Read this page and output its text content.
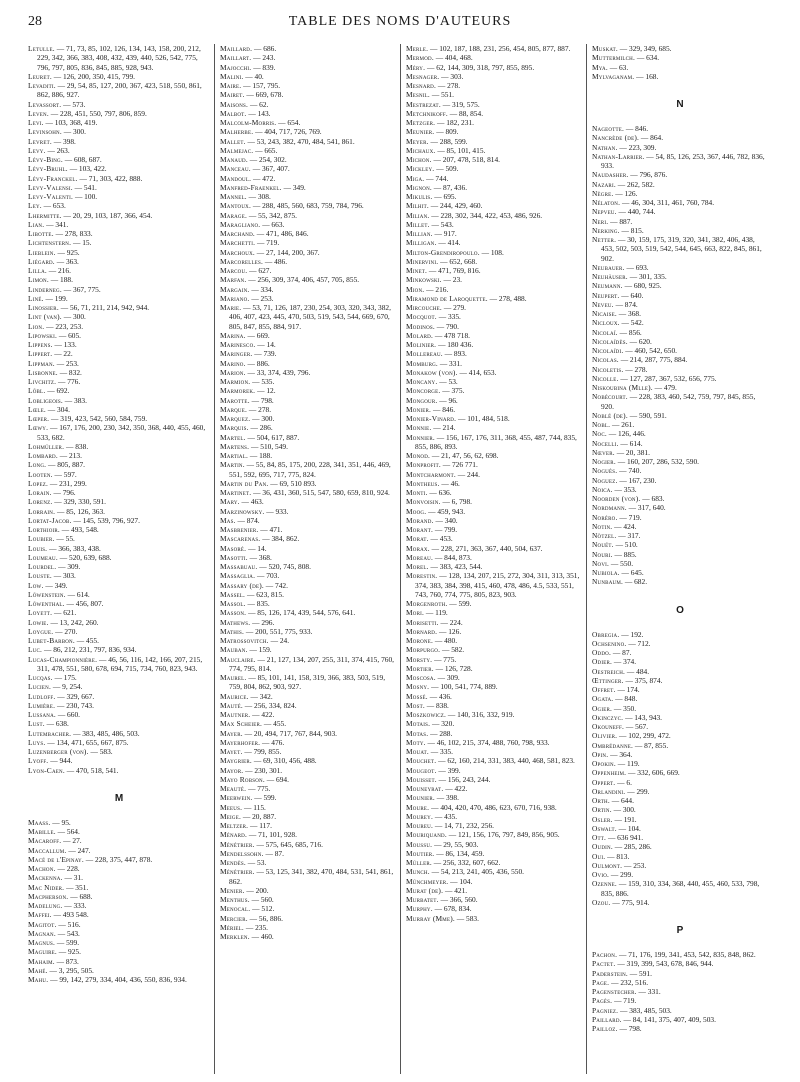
28	TABLE DES NOMS D'AUTEURS
Letulle. — 71, 73, 85, 102, 126, 134, 143, 158, 200, 212, 229, 342, 366, 383, 408, 432, 439, 440, 526, 542, 775, 796, 797, 805, 836, 845, 885, 928, 943.
Leuret. — 126, 200, 350, 415, 799.
Levaditi. — 29, 54, 85, 127, 200, 367, 423, 518, 550, 861, 862, 886, 927.
Levassort. — 573.
Leven. — 228, 451, 550, 797, 806, 859.
Levi. — 103, 368, 419.
Levinsohn. — 300.
Levret. — 398.
Levy. — 263.
Lévy-Bing. — 608, 687.
Lévy-Bruhl. — 103, 422.
Lévy-Franckel. — 71, 303, 422, 888.
Levy-Valensi. — 541.
Levy-Valenti. — 100.
Ley. — 653.
Lhermitte. — 20, 29, 103, 187, 366, 454.
Lian. — 341.
Libotte. — 278, 833.
Lichtenstern. — 15.
Lieblein. — 925.
Liégard. — 363.
Lilla. — 216.
Limon. — 188.
Linderneg. — 367, 775.
Liné. — 199.
Linossier. — 56, 71, 211, 214, 942, 944.
Lint (van). — 300.
Lion. — 223, 253.
Lipowski. — 605.
Lippens. — 133.
Lippert. — 22.
Lippman. — 253.
Lisbonne. — 832.
Livchitz. — 776.
Löbl. — 692.
Lobligeois. — 383.
Lœle. — 304.
Lœper. — 319, 423, 542, 560, 584, 759.
Lœwy. — 167, 176, 200, 230, 342, 350, 368, 440, 455, 460, 533, 682.
Lohmüller. — 838.
Lombard. — 213.
Long. — 805, 887.
Looten. — 597.
Lopez. — 231, 299.
Lorain. — 796.
Lorenz. — 329, 330, 591.
Lorrain. — 85, 126, 363.
Lortat-Jacob. — 145, 539, 796, 927.
Lorthioir. — 493, 548.
Loubier. — 55.
Louis. — 366, 383, 438.
Loumeau. — 520, 639, 688.
Lourdel. — 309.
Louste. — 303.
Low. — 349.
Löwenstein. — 614.
Löwenthal. — 456, 807.
Loyett. — 621.
Lowie. — 13, 242, 260.
Loygue. — 270.
Lubet-Barbon. — 455.
Luc. — 86, 212, 231, 797, 836, 934.
Lucas-Championnière. — 46, 56, 116, 142, 166, 207, 215, 311, 478, 551, 580, 678, 694, 715, 734, 760, 823, 943.
Lucqas. — 175.
Lucien. — 9, 254.
Ludloff. — 329, 667.
Lumière. — 230, 743.
Lussana. — 660.
Lust. — 638.
Lutembacher. — 383, 485, 486, 503.
Luys. — 134, 471, 655, 667, 875.
Luzenberger (von). — 583.
Lyoff. — 944.
Lyon-Caen. — 470, 518, 541.
M
Maass. — 95.
Mabille. — 564.
Macaroff. — 27.
Maccallum. — 247.
Macé de l'Epinay. — 228, 375, 447, 878.
Machon. — 228.
Mackenna. — 31.
Mac Nider. — 351.
Macpherson. — 688.
Madelung. — 333.
Maffei. — 493 548.
Magitot. — 516.
Magnan. — 543.
Magnus. — 599.
Maguire. — 925.
Mahaim. — 873.
Mahé. — 3, 295, 505.
Mahu. — 99, 142, 279, 334, 404, 436, 550, 836, 934.
Maillard. — 686.
Maillart. — 243.
Majocchi. — 839.
Malini. — 40.
Maire. — 157, 795.
Mairet. — 669, 678.
Maisons. — 62.
Malbot. — 143.
Malcolm-Morris. — 654.
Malherbe. — 404, 717, 726, 769.
Mallet. — 53, 243, 382, 470, 484, 541, 861.
Malmejac. — 665.
Manaud. — 254, 302.
Manceau. — 367, 407.
Mandoul. — 472.
Manfred-Fraenkel. — 349.
Mannel. — 308.
Mantoux. — 288, 485, 560, 683, 759, 784, 796.
Marage. — 55, 342, 875.
Maragliano. — 663.
Marchand. — 471, 486, 846.
Marchetti. — 719.
Marchoux. — 27, 144, 200, 367.
Marcorelles. — 486.
Marcou. — 627.
Marfan. — 256, 309, 374, 406, 457, 705, 855.
Margain. — 334.
Mariano. — 253.
Marie. — 53, 71, 126, 187, 230, 254, 303, 320, 343, 382, 406, 407, 423, 445, 470, 503, 519, 543, 544, 669, 670, 805, 847, 855, 884, 917.
Marina. — 669.
Marinesco. — 14.
Maringer. — 739.
Marino. — 886.
Marion. — 33, 374, 439, 796.
Marmion. — 535.
Marmorek. — 12.
Marotte. — 798.
Marque. — 278.
Marquez. — 300.
Marquis. — 286.
Martel. — 504, 617, 887.
Martens. — 510, 549.
Martial. — 188.
Martin. — 55, 84, 85, 175, 200, 228, 341, 351, 446, 469, 551, 592, 695, 717, 775, 824.
Martin du Pan. — 69, 510 893.
Martinet. — 36, 431, 360, 515, 547, 580, 659, 810, 924.
Mary. — 463.
Marzinowsky. — 933.
Mas. — 874.
Masbrenier. — 471.
Mascarenas. — 384, 862.
Masoré. — 14.
Masotti. — 368.
Massabuau. — 520, 745, 808.
Massaglia. — 703.
Massary (de). — 742.
Massel. — 623, 815.
Massol. — 835.
Masson. — 85, 126, 174, 439, 544, 576, 641.
Mathews. — 296.
Mathis. — 200, 551, 775, 933.
Matrossovitch. — 24.
Mauban. — 159.
Mauclaire. — 21, 127, 134, 207, 255, 311, 374, 415, 760, 774, 795, 814.
Maurel. — 85, 101, 141, 158, 319, 366, 383, 503, 519, 759, 804, 862, 903, 927.
Maurice. — 342.
Mauté. — 256, 334, 824.
Mautner. — 422.
Max Scheier. — 455.
Mayer. — 20, 494, 717, 767, 844, 903.
Mayerhofer. — 476.
Mayet. — 799, 855.
Maygrier. — 69, 310, 456, 488.
Mayor. — 230, 301.
Mayo Robson. — 694.
Meauté. — 775.
Meerwein. — 599.
Meeus. — 115.
Meige. — 20, 887.
Meltzer. — 117.
Ménard. — 71, 101, 928.
Ménétrier. — 575, 645, 685, 716.
Mendelssohn. — 87.
Mendès. — 53.
Ménétrier. — 53, 125, 341, 382, 470, 484, 531, 541, 861, 862.
Menier. — 200.
Menthus. — 560.
Menocal. — 512.
Mercier. — 56, 886.
Mériel. — 235.
Merklen. — 460.
Merle. — 102, 187, 188, 231, 256, 454, 805, 877, 887.
Mermod. — 404, 468.
Méry. — 62, 144, 309, 318, 797, 855, 895.
Mesnager. — 303.
Mesnard. — 278.
Mesnil. — 551.
Mestrezat. — 319, 575.
Metchnikoff. — 88, 854.
Metzger. — 182, 231.
Meunier. — 809.
Meyer. — 288, 599.
Michaux. — 85, 101, 415.
Michon. — 207, 478, 518, 814.
Mickley. — 509.
Miga. — 744.
Mignon. — 87, 436.
Mikulis. — 695.
Milhit. — 244, 429, 460.
Milian. — 228, 302, 344, 422, 453, 486, 926.
Millet. — 543.
Millian. — 917.
Milligan. — 414.
Milton-Grendiropoulo. — 108.
Minervini. — 652, 668.
Minet. — 471, 769, 816.
Minkowski. — 23.
Mion. — 216.
Miramond de Laroquette. — 278, 488.
Mircouche. — 279.
Mocquot. — 335.
Modinos. — 790.
Molard. — 478 718.
Molinier. — 180 436.
Mollereau. — 893.
Momburg. — 331.
Monakow (von). — 414, 653.
Moncany. — 53.
Moncorge. — 375.
Mongour. — 96.
Monier. — 846.
Monier-Vinard. — 101, 484, 518.
Monnie. — 214.
Monnier. — 156, 167, 176, 311, 368, 455, 487, 744, 835, 855, 886, 893.
Monod. — 21, 47, 56, 62, 698.
Monprofit. — 726 771.
Montcharmont. — 244.
Montheus. — 46.
Monti. — 636.
Monvoisin. — 6, 798.
Moog. — 459, 943.
Morand. — 340.
Morant. — 799.
Morat. — 453.
Morax. — 228, 271, 363, 367, 440, 504, 637.
Moreau. — 844, 873.
Morel. — 383, 423, 544.
Morestin. — 128, 134, 207, 215, 272, 304, 311, 313, 351, 374, 383, 384, 398, 415, 460, 478, 486, 4.5, 533, 551, 743, 760, 774, 775, 805, 823, 903.
Morgenroth. — 599.
Mori. — 119.
Morisetti. — 224.
Mornard. — 126.
Morone. — 480.
Morpurgo. — 582.
Morsty. — 775.
Mortier. — 126, 728.
Moscosa. — 309.
Mosny. — 100, 541, 774, 889.
Mossé. — 436.
Most. — 838.
Moszkowicz. — 140, 316, 332, 919.
Motais. — 320.
Motas. — 288.
Moty. — 46, 102, 215, 374, 488, 760, 798, 933.
Mouat. — 335.
Mouchet. — 62, 160, 214, 331, 383, 440, 468, 581, 823.
Mougeot. — 399.
Mouisset. — 156, 243, 244.
Mouneyrat. — 422.
Mounier. — 398.
Moure. — 404, 420, 470, 486, 623, 670, 716, 938.
Mourey. — 435.
Moureu. — 14, 71, 232, 256.
Mouriquand. — 121, 156, 176, 797, 849, 856, 905.
Moussu. — 29, 55, 903.
Moutier. — 86, 134, 459.
Müller. — 256, 332, 607, 662.
Munch. — 54, 213, 241, 405, 436, 550.
Münchmeyer. — 104.
Murat (de). — 421.
Murbatet. — 366, 560.
Murphy. — 678, 834.
Murray (Mme). — 583.
Muskat. — 329, 349, 685.
Muttermilch. — 634.
Mya. — 63.
Mylvaganam. — 168.
N
Nageotte. — 846.
Nancrède (de). — 864.
Nathan. — 223, 309.
Nathan-Larrier. — 54, 85, 126, 253, 367, 446, 782, 836, 933.
Naudasher. — 796, 876.
Nazari. — 262, 582.
Nègre. — 126.
Nélaton. — 46, 304, 311, 461, 760, 784.
Nepveu. — 440, 744.
Neri. — 887.
Nerking. — 815.
Netter. — 30, 159, 175, 319, 320, 341, 382, 406, 438, 453, 502, 503, 519, 542, 544, 645, 663, 822, 845, 861, 902.
Neubauer. — 693.
Neuhäuser. — 301, 335.
Neumann. — 680, 925.
Neupert. — 640.
Neveu. — 874.
Nicaise. — 368.
Nicloux. — 542.
Nicolaï. — 856.
Nicolaïdès. — 620.
Nicolaïdi. — 460, 542, 650.
Nicolas. — 214, 287, 775, 884.
Nicoletis. — 278.
Nicolle. — 127, 287, 367, 532, 656, 775.
Niskoubina (Mlle). — 479.
Nobécourt. — 228, 383, 460, 542, 759, 797, 845, 855, 920.
Noblé (de). — 590, 591.
Nobl. — 261.
Noc. — 126, 446.
Nocelli. — 614.
Nœver. — 20, 381.
Nogier. — 160, 207, 286, 532, 590.
Noguès. — 740.
Noguez. — 167, 230.
Noica. — 353.
Noorden (von). — 683.
Nordmann. — 317, 640.
Noréro. — 719.
Notin. — 424.
Nötzel. — 317.
Nouët. — 510.
Nouri. — 885.
Novi. — 550.
Nubiola. — 645.
Nunbaum. — 682.
O
Obregia. — 192.
Ochsenino. — 712.
Oddo. — 87.
Odier. — 374.
Oestreich. — 484.
Œttinger. — 375, 874.
Offret. — 174.
Ogata. — 848.
Ogier. — 350.
Okinczyc. — 143, 943.
Okouneff. — 567.
Olivier. — 102, 299, 472.
Ombrédanne. — 87, 855.
Opin. — 364.
Opokin. — 119.
Oppenheim. — 332, 606, 669.
Oppert. — 6.
Orlandini. — 299.
Orth. — 644.
Ortin. — 300.
Osler. — 191.
Oswalt. — 104.
Ott. — 636 941.
Oudin. — 285, 286.
Oui. — 813.
Oulmont. — 253.
Ovio. — 299.
Ozenne. — 159, 310, 334, 368, 440, 455, 460, 533, 798, 835, 886.
Ozou. — 775, 914.
P
Pachon. — 71, 176, 199, 341, 453, 542, 835, 848, 862.
Pactet. — 319, 399, 543, 678, 846, 944.
Paderstein. — 591.
Page. — 232, 516.
Pagenstecher. — 331.
Pagès. — 719.
Pagniez. — 383, 485, 503.
Paillard. — 84, 141, 375, 407, 409, 503.
Pailloz. — 798.
